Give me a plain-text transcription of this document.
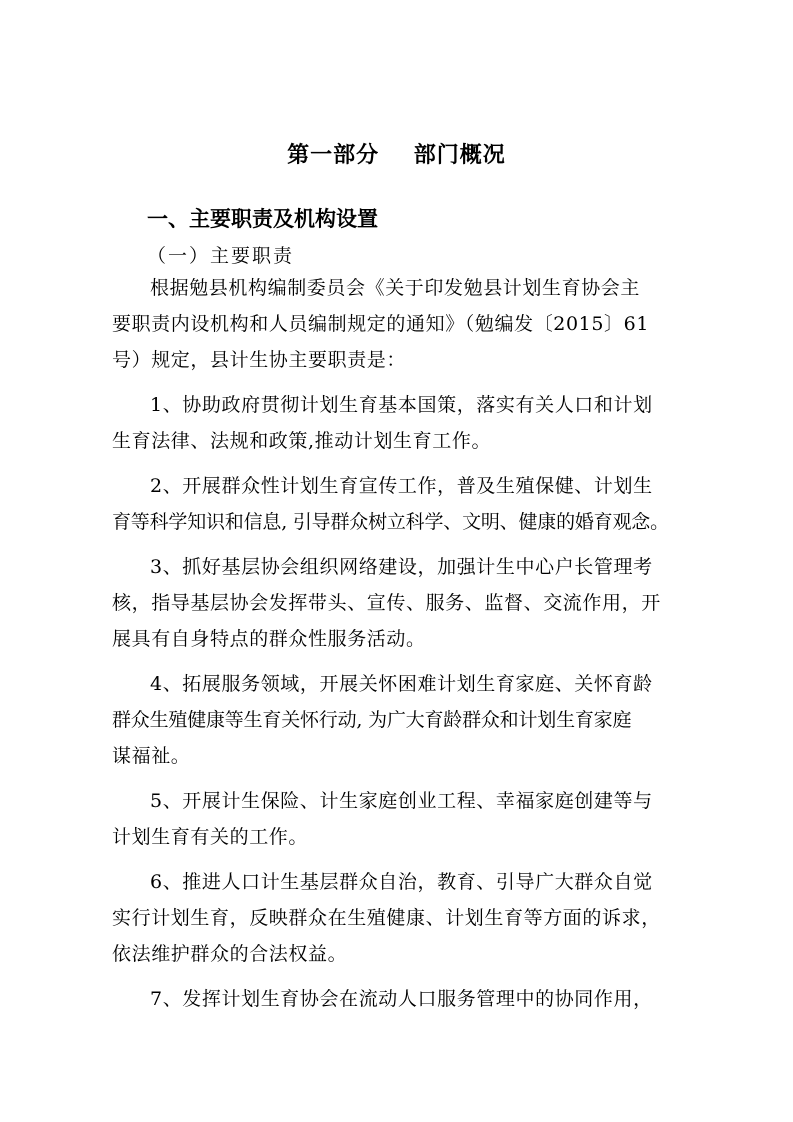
第一部分    部门概况
一、主要职责及机构设置
（一）主要职责

根据勉县机构编制委员会《关于印发勉县计划生育协会主
要职责内设机构和人员编制规定的通知》（勉编发〔2015〕61
号）规定，县计生协主要职责是：

1、协助政府贯彻计划生育基本国策，落实有关人口和计划
生育法律、法规和政策,推动计划生育工作。

2、开展群众性计划生育宣传工作，普及生殖保健、计划生
育等科学知识和信息, 引导群众树立科学、文明、健康的婚育观念。

3、抓好基层协会组织网络建设，加强计生中心户长管理考
核，指导基层协会发挥带头、宣传、服务、监督、交流作用，开
展具有自身特点的群众性服务活动。

4、拓展服务领域，开展关怀困难计划生育家庭、关怀育龄
群众生殖健康等生育关怀行动, 为广大育龄群众和计划生育家庭
谋福祉。

5、开展计生保险、计生家庭创业工程、幸福家庭创建等与
计划生育有关的工作。

6、推进人口计生基层群众自治，教育、引导广大群众自觉
实行计划生育，反映群众在生殖健康、计划生育等方面的诉求，
依法维护群众的合法权益。

7、发挥计划生育协会在流动人口服务管理中的协同作用，
